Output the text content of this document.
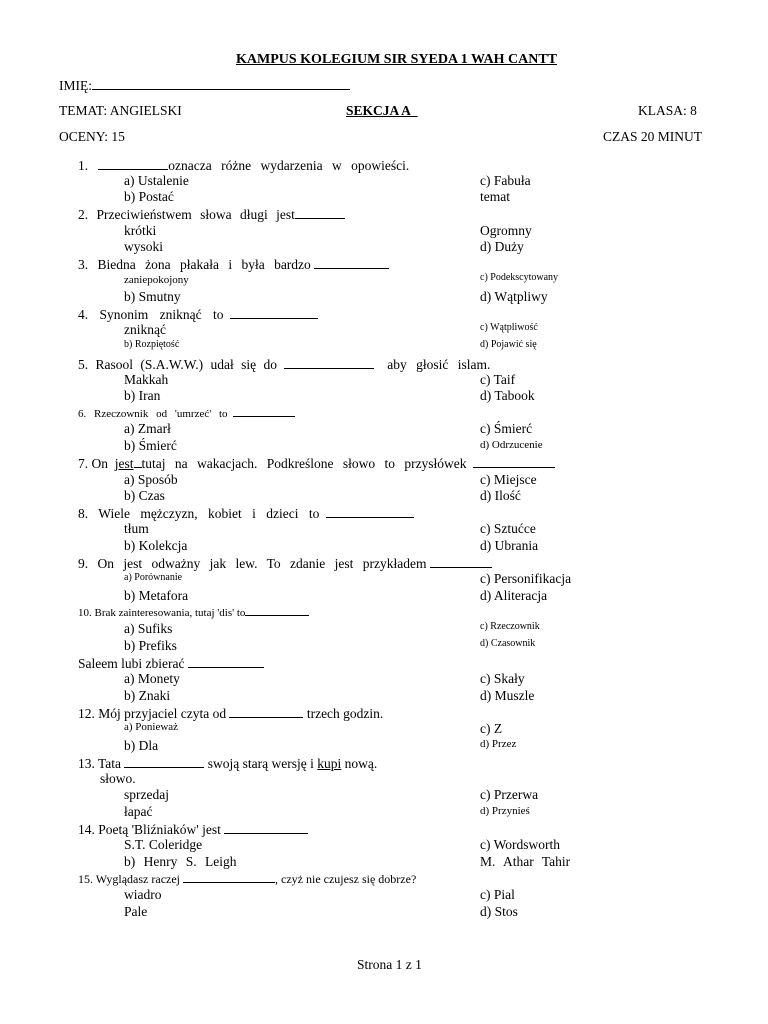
KAMPUS KOLEGIUM SIR SYEDA 1 WAH CANTT
IMIĘ:
TEMAT: ANGIELSKI	SEKCJA A	KLASA: 8
OCENY: 15	CZAS 20 MINUT
1.	oznacza różne wydarzenia w opowieści.
a) Ustalenie
b) Postać
c) Fabuła
temat
2. Przeciwieństwem słowa długi jest
krótki
wysoki
Ogromny
d) Duży
3. Biedna żona płakała i była bardzo
zaniepokojony
b) Smutny
c) Podekscytowany
d) Wątpliwy
4. Synonim zniknąć to
zniknąć
b) Rozpiętość
c) Wątpliwość
d) Pojawić się
5. Rasool (S.A.W.W.) udał się do	aby głosić islam.
Makkah
b) Iran
c) Taif
d) Tabook
6. Rzeczownik od 'umrzeć' to
a) Zmarł
b) Śmierć
c) Śmierć
d) Odrzucenie
7. On jest tutaj na wakacjach. Podkreślone słowo to przysłówek
a) Sposób
b) Czas
c) Miejsce
d) Ilość
8. Wiele mężczyzn, kobiet i dzieci to
tłum
b) Kolekcja
c) Sztućce
d) Ubrania
9. On jest odważny jak lew. To zdanie jest przykładem
a) Porównanie
b) Metafora
c) Personifikacja
d) Aliteracja
10. Brak zainteresowania, tutaj 'dis' to
a) Sufiks
b) Prefiks
c) Rzeczownik
d) Czasownik
Saleem lubi zbierać
a) Monety
b) Znaki
c) Skały
d) Muszle
12. Mój przyjaciel czyta od	trzech godzin.
a) Ponieważ
b) Dla
c) Z
d) Przez
13. Tata	swoją starą wersję i kupi nową.
słowo.
sprzedaj
łapać
c) Przerwa
d) Przynieś
14. Poetą 'Bliźniaków' jest
S.T. Coleridge
b) Henry S. Leigh
c) Wordsworth
M. Athar Tahir
15. Wyglądasz raczej	, czyż nie czujesz się dobrze?
wiadro
Pale
c) Pial
d) Stos
Strona 1 z 1
